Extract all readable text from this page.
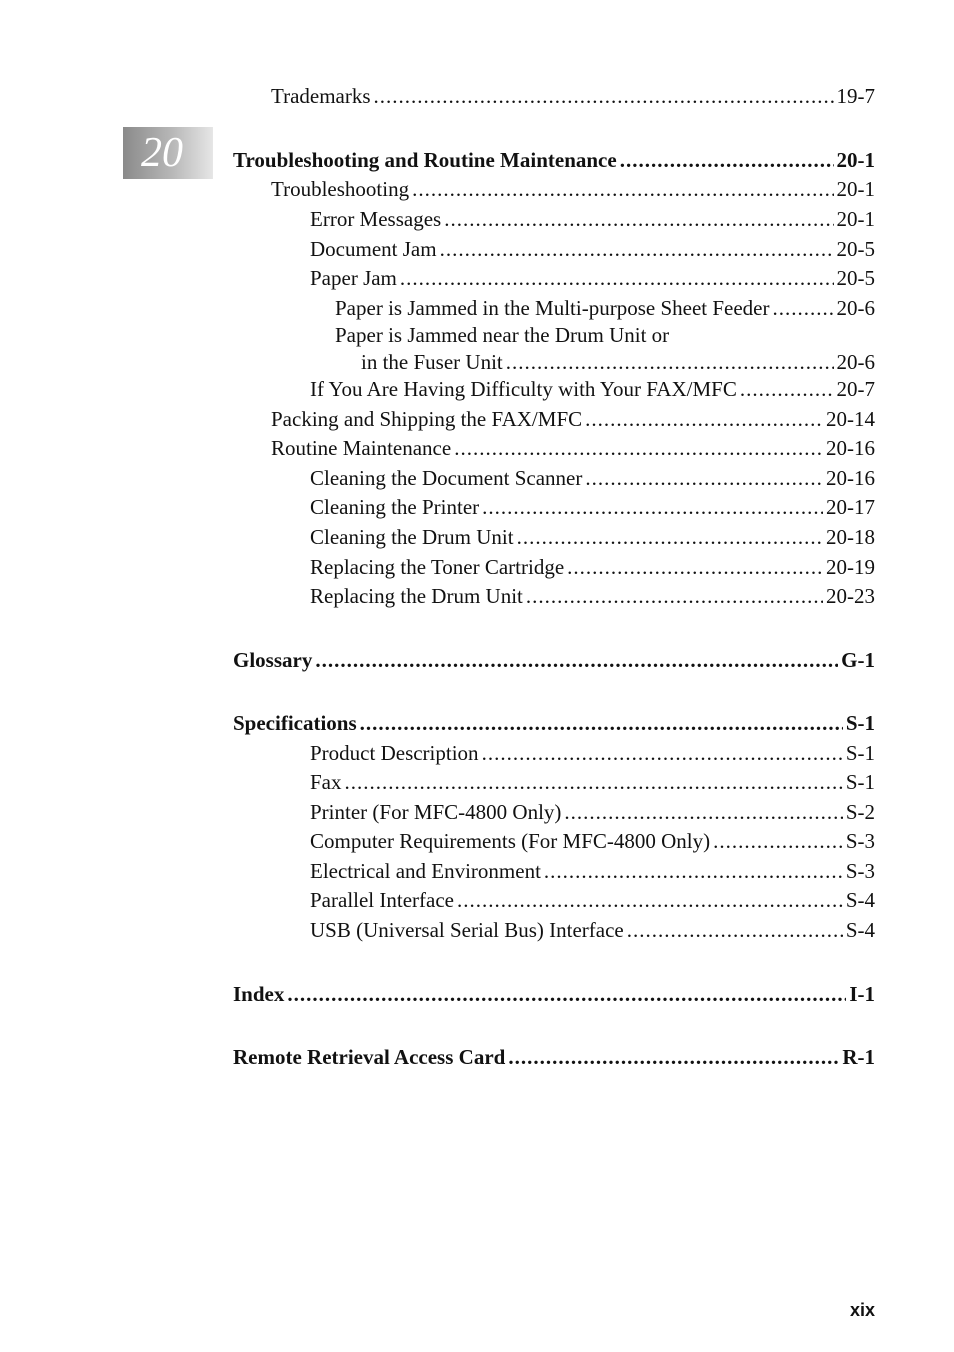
20
Trademarks .....	19-7
Troubleshooting and Routine Maintenance .....	20-1
Troubleshooting .....	20-1
Error Messages .....	20-1
Document Jam .....	20-5
Paper Jam .....	20-5
Paper is Jammed in the Multi-purpose Sheet Feeder .....	20-6
Paper is Jammed near the Drum Unit or
in the Fuser Unit .....	20-6
If You Are Having Difficulty with Your FAX/MFC .....	20-7
Packing and Shipping the FAX/MFC .....	20-14
Routine Maintenance .....	20-16
Cleaning the Document Scanner .....	20-16
Cleaning the Printer .....	20-17
Cleaning the Drum Unit .....	20-18
Replacing the Toner Cartridge .....	20-19
Replacing the Drum Unit .....	20-23
Glossary .....	G-1
Specifications .....	S-1
Product Description .....	S-1
Fax .....	S-1
Printer (For MFC-4800 Only) .....	S-2
Computer Requirements (For MFC-4800 Only) .....	S-3
Electrical and Environment .....	S-3
Parallel Interface .....	S-4
USB (Universal Serial Bus) Interface .....	S-4
Index .....	I-1
Remote Retrieval Access Card .....	R-1
xix
